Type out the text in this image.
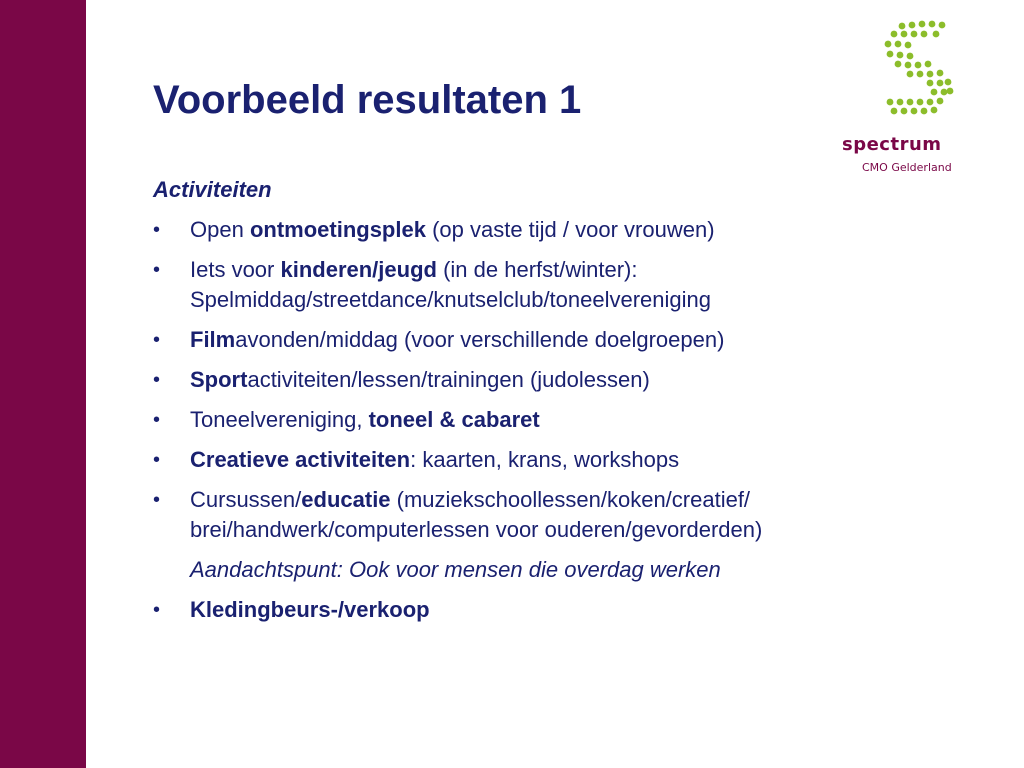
Voorbeeld resultaten 1
spectrum
CMO Gelderland
Activiteiten
• Open ontmoetingsplek (op vaste tijd / voor vrouwen)
• Iets voor kinderen/jeugd (in de herfst/winter): Spelmiddag/streetdance/knutselclub/toneelvereniging
• Filmavonden/middag (voor verschillende doelgroepen)
• Sportactiviteiten/lessen/trainingen (judolessen)
• Toneelvereniging, toneel & cabaret
• Creatieve activiteiten: kaarten, krans, workshops
• Cursussen/educatie (muziekschoollessen/koken/creatief/ brei/handwerk/computerlessen voor ouderen/gevorderden)
Aandachtspunt: Ook voor mensen die overdag werken
• Kledingbeurs-/verkoop
